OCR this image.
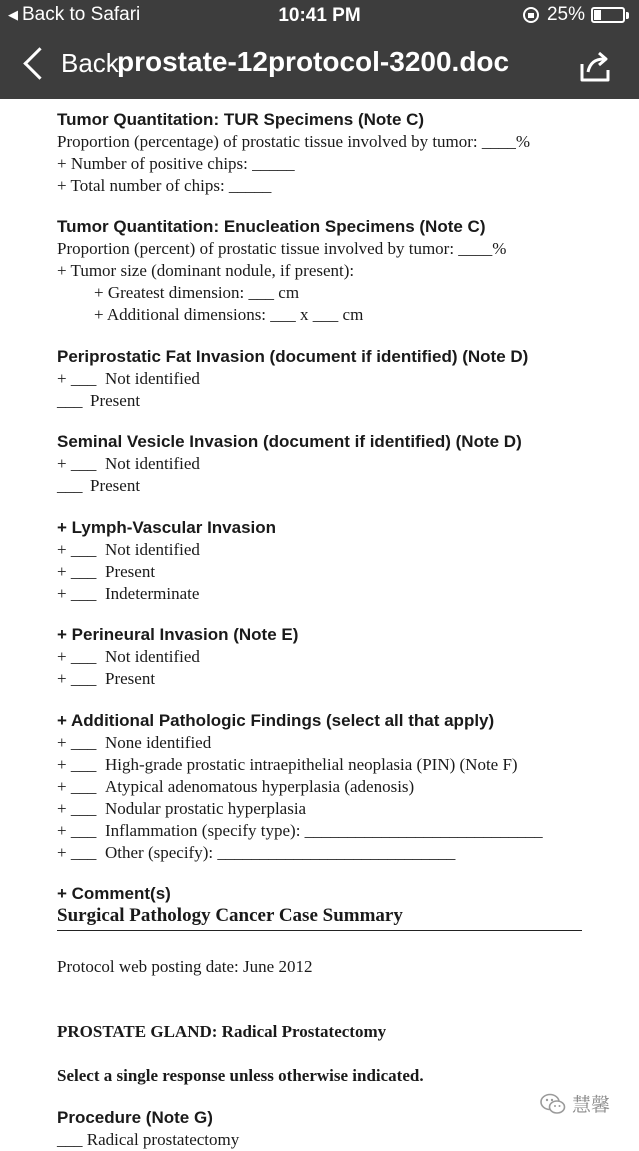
◀ Back to Safari	10:41 PM	25%
Back
prostate-12protocol-3200.doc
Tumor Quantitation: TUR Specimens (Note C)
Proportion (percentage) of prostatic tissue involved by tumor: ____%
+ Number of positive chips: _____
+ Total number of chips: _____
Tumor Quantitation: Enucleation Specimens (Note C)
Proportion (percent) of prostatic tissue involved by tumor: ____%
+ Tumor size (dominant nodule, if present):
+ Greatest dimension: ___ cm
+ Additional dimensions: ___ x ___ cm
Periprostatic Fat Invasion (document if identified) (Note D)
+ ___ Not identified
___ Present
Seminal Vesicle Invasion (document if identified) (Note D)
+ ___ Not identified
___ Present
+ Lymph-Vascular Invasion
+ ___ Not identified
+ ___ Present
+ ___ Indeterminate
+ Perineural Invasion (Note E)
+ ___ Not identified
+ ___ Present
+ Additional Pathologic Findings (select all that apply)
+ ___ None identified
+ ___ High-grade prostatic intraepithelial neoplasia (PIN) (Note F)
+ ___ Atypical adenomatous hyperplasia (adenosis)
+ ___ Nodular prostatic hyperplasia
+ ___ Inflammation (specify type): ____________________________
+ ___ Other (specify): ____________________________
+ Comment(s)
Surgical Pathology Cancer Case Summary
Protocol web posting date: June 2012
PROSTATE GLAND: Radical Prostatectomy
Select a single response unless otherwise indicated.
Procedure (Note G)
___ Radical prostatectomy
慧馨
